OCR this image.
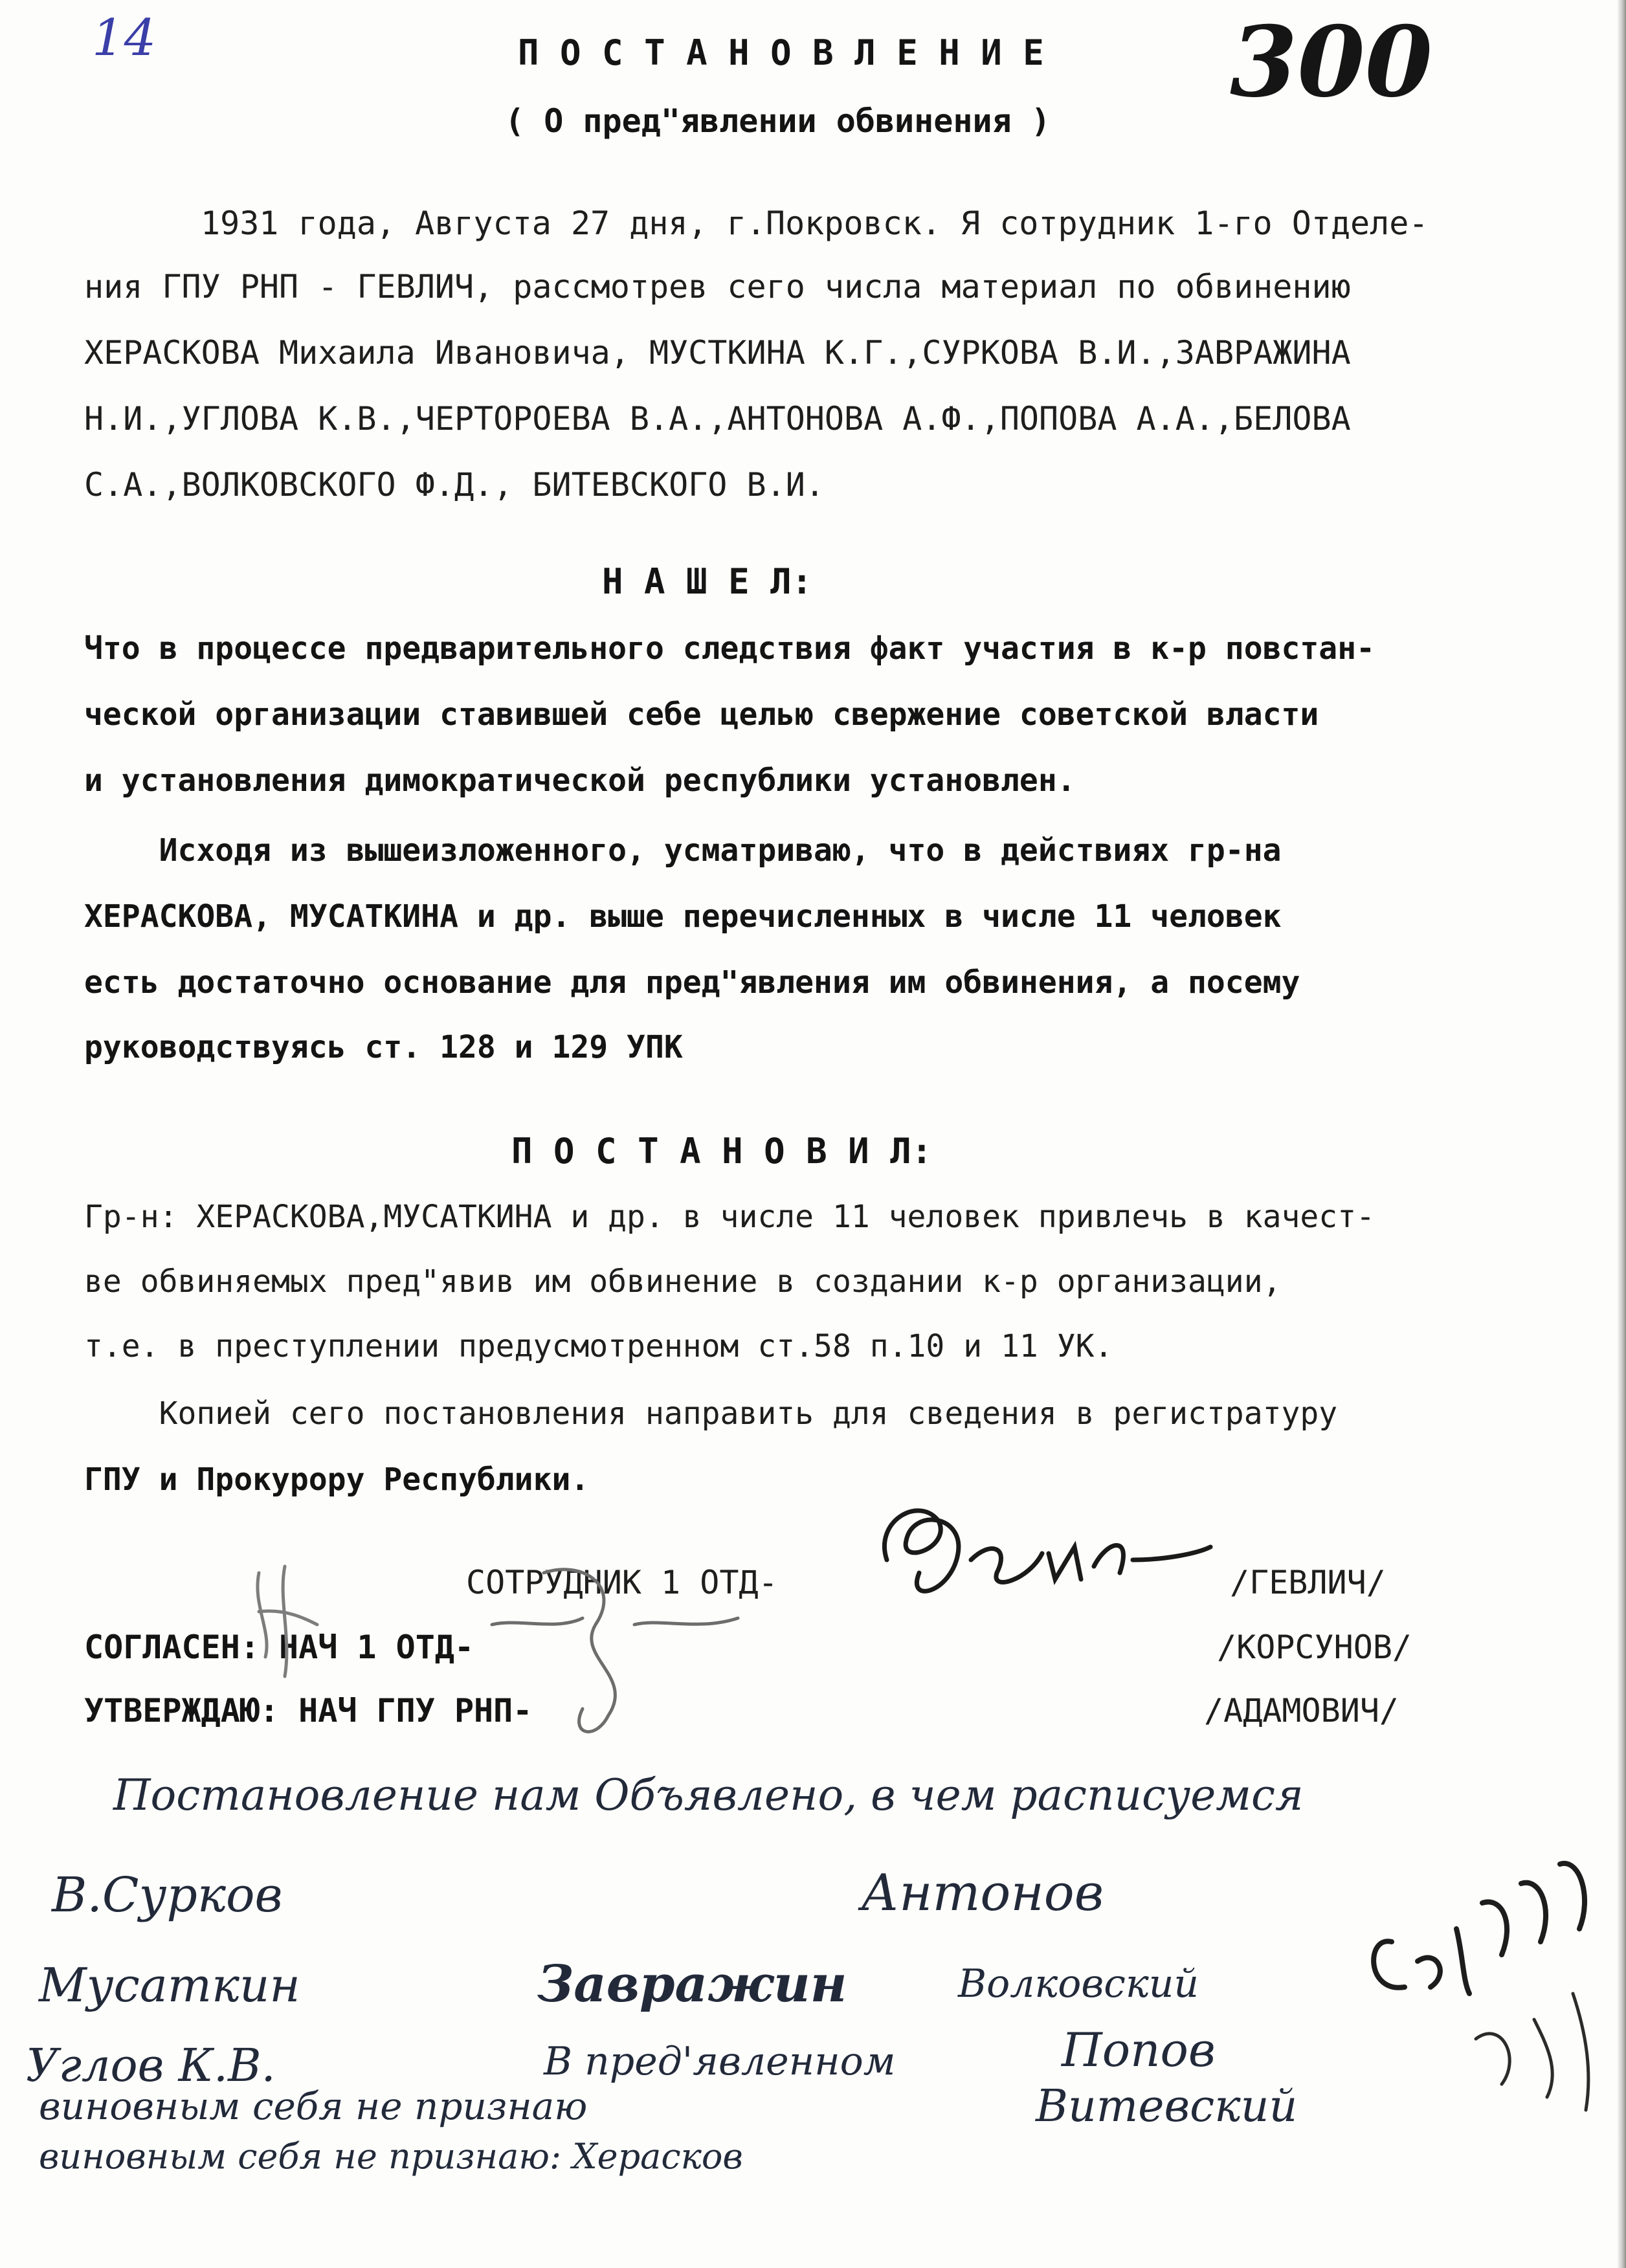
14	300
П О С Т А Н О В Л Е Н И Е
( О пред"явлении обвинения )
1931 года, Августа 27 дня, г.Покровск. Я сотрудник 1-го Отделе-
ния ГПУ РНП - ГЕВЛИЧ, рассмотрев сего числа материал по обвинению
ХЕРАСКОВА Михаила Ивановича, МУСТКИНА К.Г.,СУРКОВА В.И.,ЗАВРАЖИНА
Н.И.,УГЛОВА К.В.,ЧЕРТОРОЕВА В.А.,АНТОНОВА А.Ф.,ПОПОВА А.А.,БЕЛОВА
С.А.,ВОЛКОВСКОГО Ф.Д., БИТЕВСКОГО В.И.
Н А Ш Е Л:
Что в процессе предварительного следствия факт участия в к-р повстан-
ческой организации ставившей себе целью свержение советской власти
и установления димократической республики установлен.
Исходя из вышеизложенного, усматриваю, что в действиях гр-на
ХЕРАСКОВА, МУСАТКИНА и др. выше перечисленных в числе 11 человек
есть достаточно основание для пред"явления им обвинения, а посему
руководствуясь ст. 128 и 129 УПК
П О С Т А Н О В И Л:
Гр-н: ХЕРАСКОВА,МУСАТКИНА и др. в числе 11 человек привлечь в качест-
ве обвиняемых пред"явив им обвинение в создании к-р организации,
т.е. в преступлении предусмотренном ст.58 п.10 и 11 УК.
Копией сего постановления направить для сведения в регистратуру
ГПУ и Прокурору Республики.
СОТРУДНИК 1 ОТД-	/ГЕВЛИЧ/
СОГЛАСЕН: НАЧ 1 ОТД-	/КОРСУНОВ/
УТВЕРЖДАЮ: НАЧ ГПУ РНП-	/АДАМОВИЧ/
Постановление нам Объявлено, в чем расписуемся
В.Сурков	Антонов
Мусаткин	Завражин	Волковский
Углов К.В.	В пред'явленном	Попов
виновным себя не признаю	Витевский
виновным себя не признаю: Херасков
